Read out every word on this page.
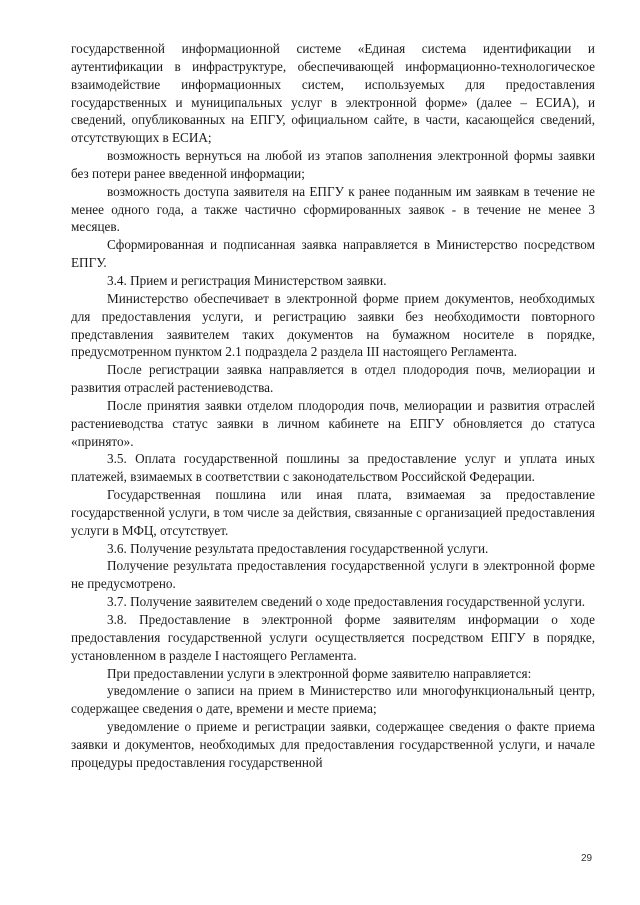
государственной информационной системе «Единая система идентификации и аутентификации в инфраструктуре, обеспечивающей информационно-технологическое взаимодействие информационных систем, используемых для предоставления государственных и муниципальных услуг в электронной форме» (далее – ЕСИА), и сведений, опубликованных на ЕПГУ, официальном сайте, в части, касающейся сведений, отсутствующих в ЕСИА;

возможность вернуться на любой из этапов заполнения электронной формы заявки без потери ранее введенной информации;

возможность доступа заявителя на ЕПГУ к ранее поданным им заявкам в течение не менее одного года, а также частично сформированных заявок - в течение не менее 3 месяцев.

Сформированная и подписанная заявка направляется в Министерство посредством ЕПГУ.

3.4. Прием и регистрация Министерством заявки.

Министерство обеспечивает в электронной форме прием документов, необходимых для предоставления услуги, и регистрацию заявки без необходимости повторного представления заявителем таких документов на бумажном носителе в порядке, предусмотренном пунктом 2.1 подраздела 2 раздела III настоящего Регламента.

После регистрации заявка направляется в отдел плодородия почв, мелиорации и развития отраслей растениеводства.

После принятия заявки отделом плодородия почв, мелиорации и развития отраслей растениеводства статус заявки в личном кабинете на ЕПГУ обновляется до статуса «принято».

3.5. Оплата государственной пошлины за предоставление услуг и уплата иных платежей, взимаемых в соответствии с законодательством Российской Федерации.

Государственная пошлина или иная плата, взимаемая за предоставление государственной услуги, в том числе за действия, связанные с организацией предоставления услуги в МФЦ, отсутствует.

3.6. Получение результата предоставления государственной услуги.

Получение результата предоставления государственной услуги в электронной форме не предусмотрено.

3.7. Получение заявителем сведений о ходе предоставления государственной услуги.

3.8. Предоставление в электронной форме заявителям информации о ходе предоставления государственной услуги осуществляется посредством ЕПГУ в порядке, установленном в разделе I настоящего Регламента.

При предоставлении услуги в электронной форме заявителю направляется:

уведомление о записи на прием в Министерство или многофункциональный центр, содержащее сведения о дате, времени и месте приема;

уведомление о приеме и регистрации заявки, содержащее сведения о факте приема заявки и документов, необходимых для предоставления государственной услуги, и начале процедуры предоставления государственной

29
